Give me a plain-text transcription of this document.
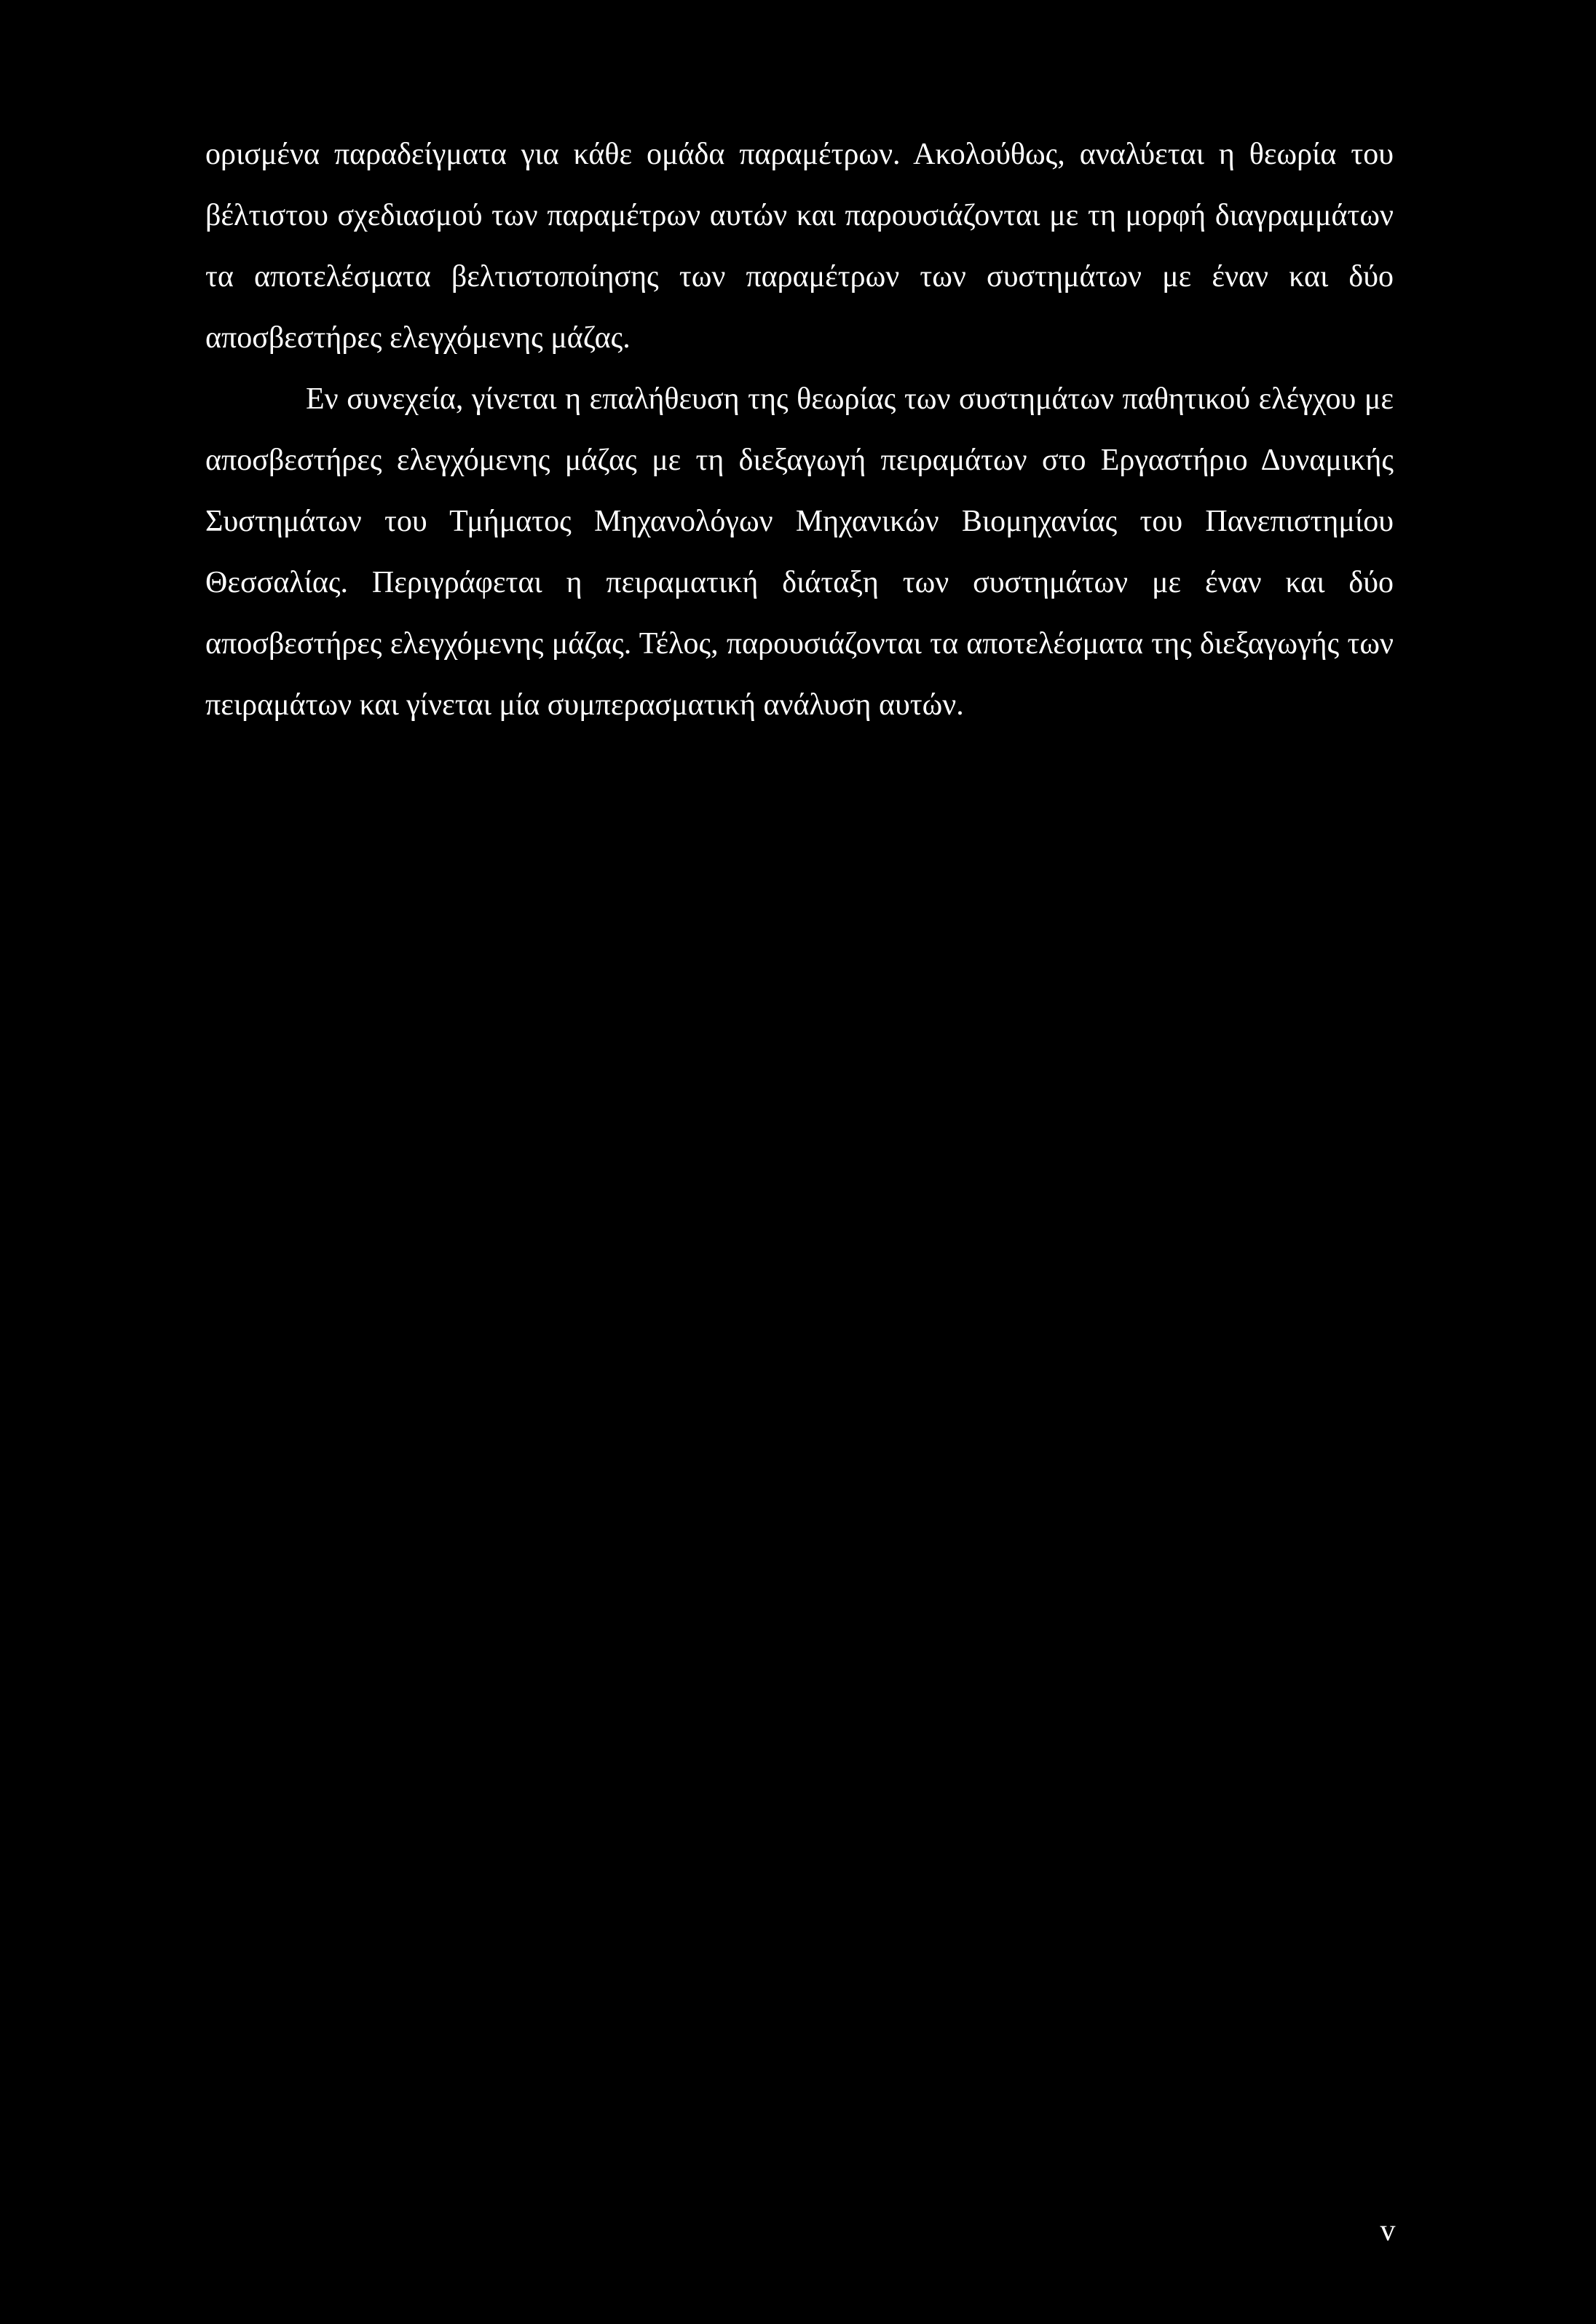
ορισμένα παραδείγματα για κάθε ομάδα παραμέτρων. Ακολούθως, αναλύεται η θεωρία του βέλτιστου σχεδιασμού των παραμέτρων αυτών και παρουσιάζονται με τη μορφή διαγραμμάτων τα αποτελέσματα βελτιστοποίησης των παραμέτρων των συστημάτων με έναν και δύο αποσβεστήρες ελεγχόμενης μάζας.

Εν συνεχεία, γίνεται η επαλήθευση της θεωρίας των συστημάτων παθητικού ελέγχου με αποσβεστήρες ελεγχόμενης μάζας με τη διεξαγωγή πειραμάτων στο Εργαστήριο Δυναμικής Συστημάτων του Τμήματος Μηχανολόγων Μηχανικών Βιομηχανίας του Πανεπιστημίου Θεσσαλίας. Περιγράφεται η πειραματική διάταξη των συστημάτων με έναν και δύο αποσβεστήρες ελεγχόμενης μάζας. Τέλος, παρουσιάζονται τα αποτελέσματα της διεξαγωγής των πειραμάτων και γίνεται μία συμπερασματική ανάλυση αυτών.

v
